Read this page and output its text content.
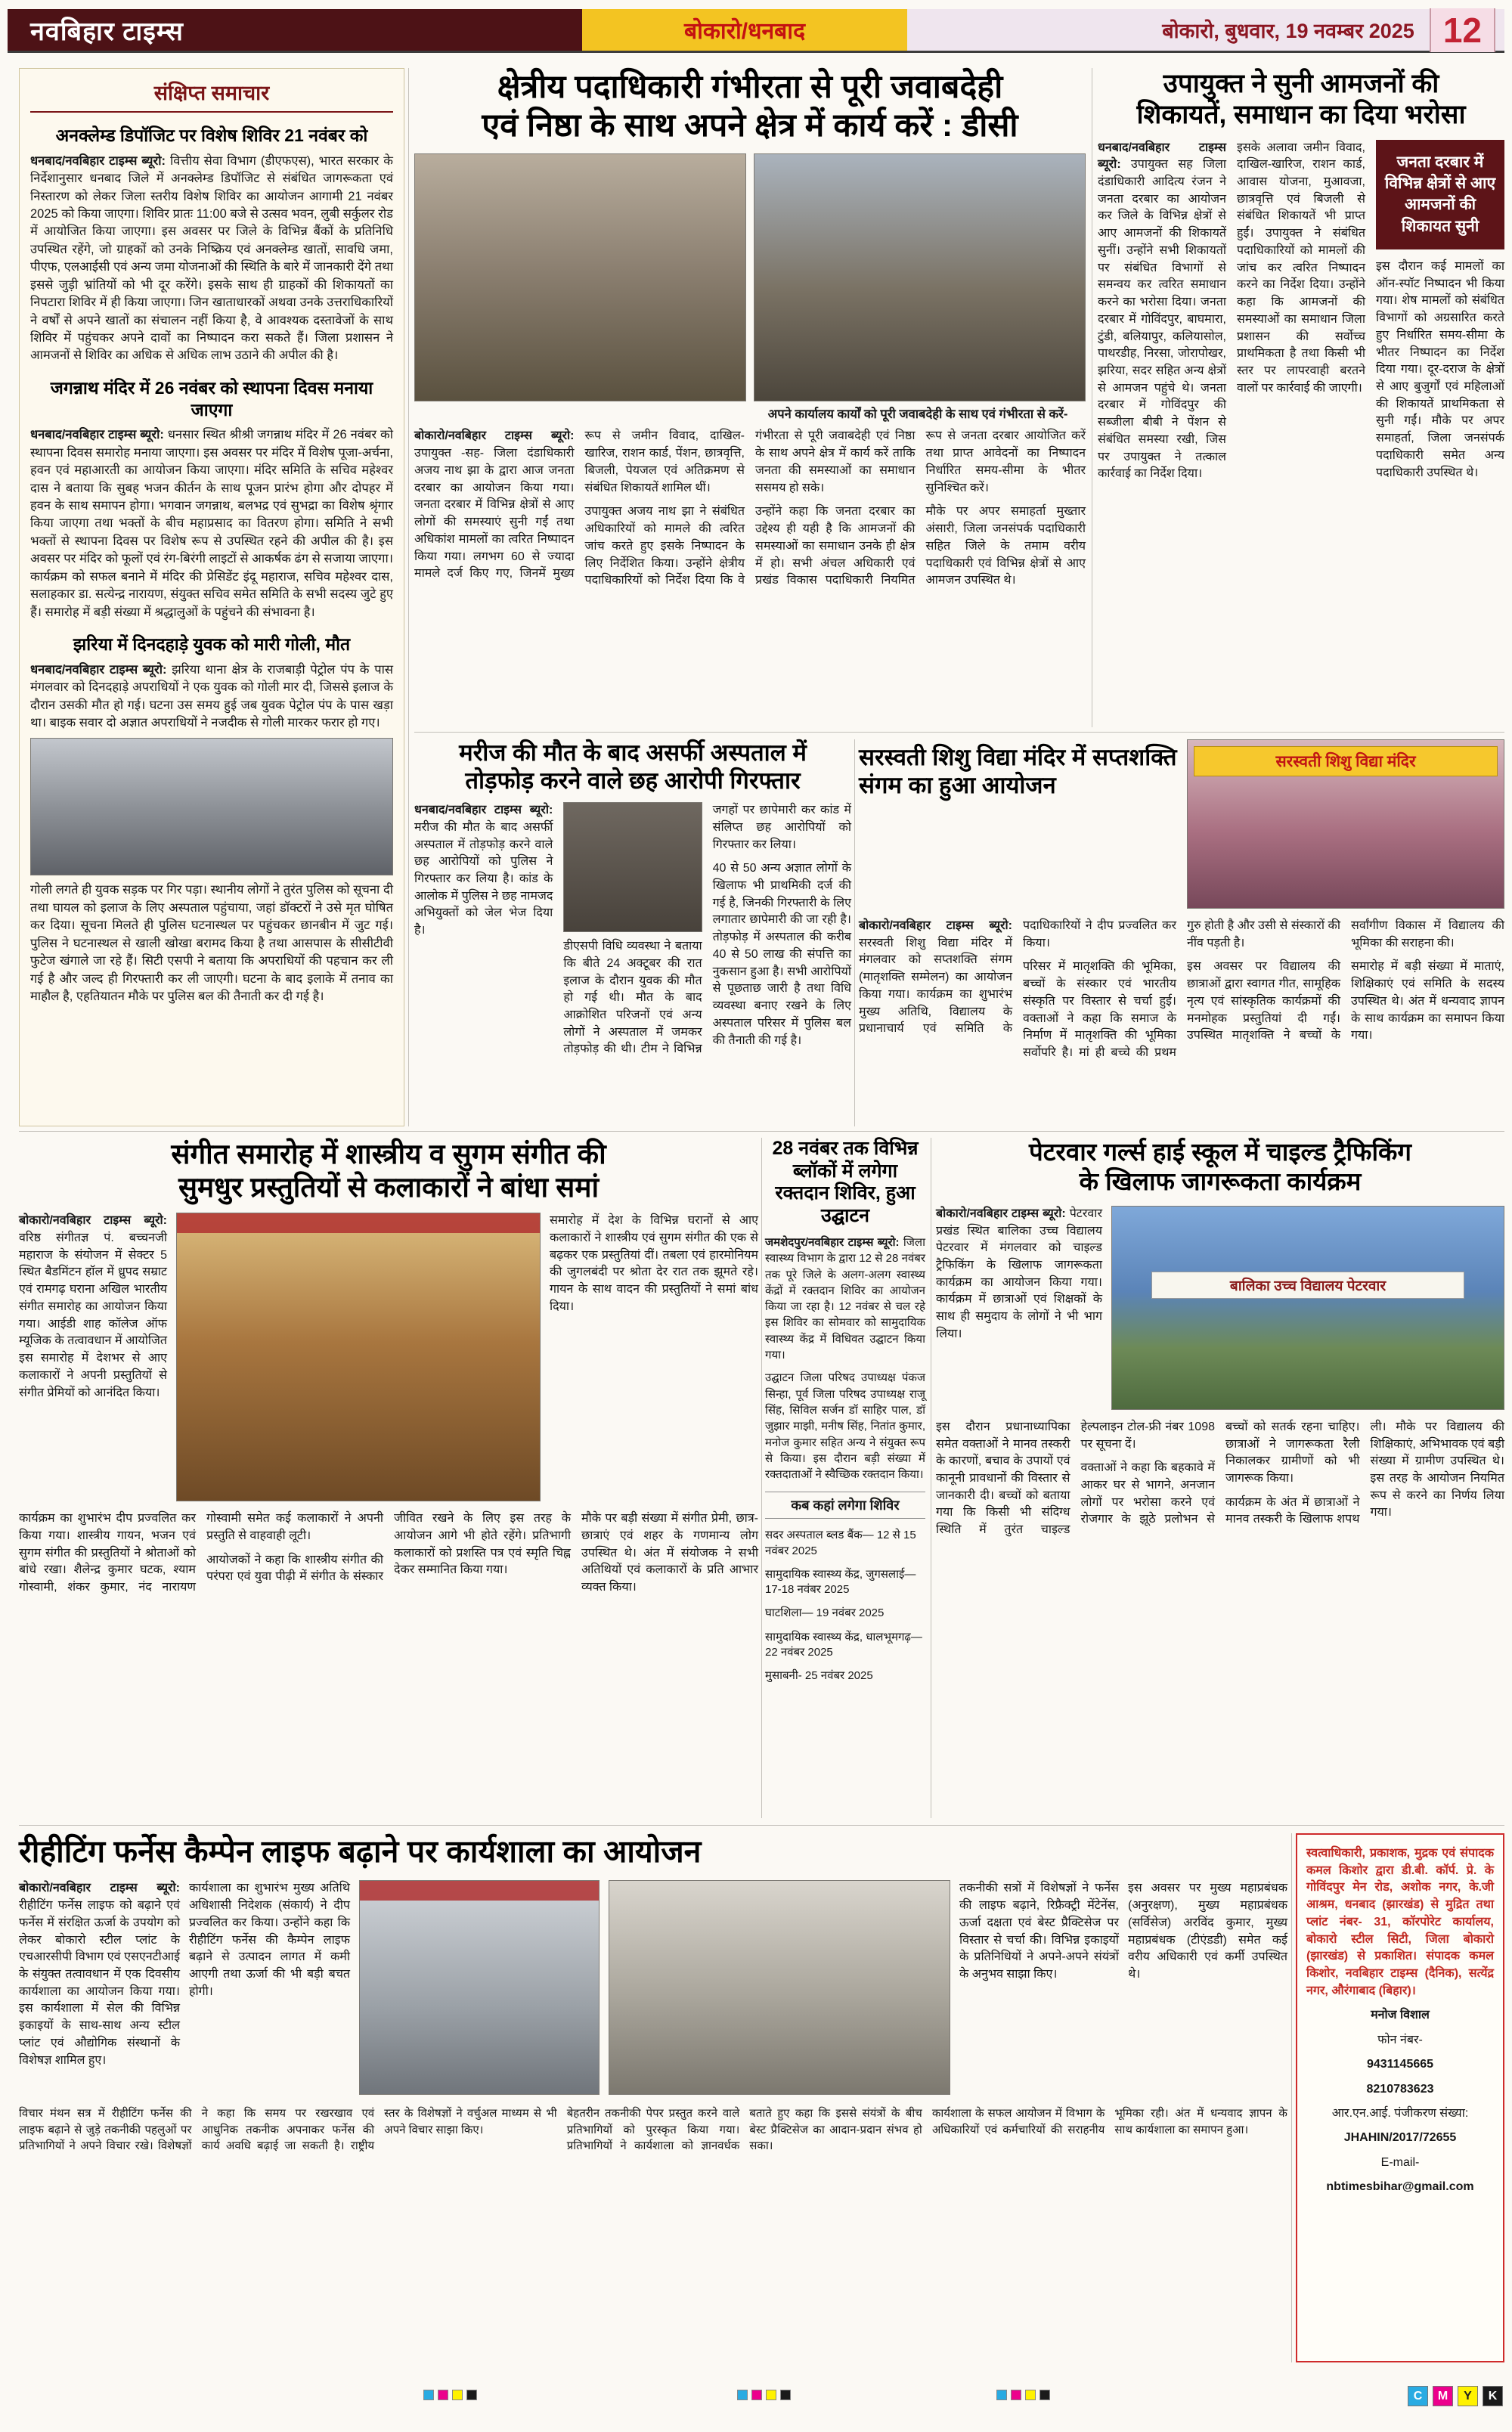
नवबिहार टाइम्स	बोकारो/धनबाद	बोकारो, बुधवार, 19 नवम्बर 2025 12
संक्षिप्त समाचार
अनक्लेम्ड डिपॉजिट पर विशेष शिविर 21 नवंबर को

धनबाद/नवबिहार टाइम्स ब्यूरो: वित्तीय सेवा विभाग (डीएफएस), भारत सरकार के निर्देशानुसार धनबाद जिले में अनक्लेम्ड डिपॉजिट से संबंधित जागरूकता एवं निस्तारण को लेकर जिला स्तरीय विशेष शिविर का आयोजन आगामी 21 नवंबर 2025 को किया जाएगा। शिविर प्रातः 11:00 बजे से उत्सव भवन, लुबी सर्कुलर रोड में आयोजित किया जाएगा। इस अवसर पर जिले के विभिन्न बैंकों के प्रतिनिधि उपस्थित रहेंगे, जो ग्राहकों को उनके निष्क्रिय एवं अनक्लेम्ड खातों, सावधि जमा, पीएफ, एलआईसी एवं अन्य जमा योजनाओं की स्थिति के बारे में जानकारी देंगे तथा इससे जुड़ी भ्रांतियों को भी दूर करेंगे। इसके साथ ही ग्राहकों की शिकायतों का निपटारा शिविर में ही किया जाएगा। जिन खाताधारकों अथवा उनके उत्तराधिकारियों ने वर्षों से अपने खातों का संचालन नहीं किया है, वे आवश्यक दस्तावेजों के साथ शिविर में पहुंचकर अपने दावों का निष्पादन करा सकते हैं। जिला प्रशासन ने आमजनों से शिविर का अधिक से अधिक लाभ उठाने की अपील की है।

जगन्नाथ मंदिर में 26 नवंबर को स्थापना दिवस मनाया जाएगा

धनबाद/नवबिहार टाइम्स ब्यूरो: धनसार स्थित श्रीश्री जगन्नाथ मंदिर में 26 नवंबर को स्थापना दिवस समारोह मनाया जाएगा। इस अवसर पर मंदिर में विशेष पूजा-अर्चना, हवन एवं महाआरती का आयोजन किया जाएगा। मंदिर समिति के सचिव महेश्वर दास ने बताया कि सुबह भजन कीर्तन के साथ पूजन प्रारंभ होगा और दोपहर में हवन के साथ समापन होगा। भगवान जगन्नाथ, बलभद्र एवं सुभद्रा का विशेष श्रृंगार किया जाएगा तथा भक्तों के बीच महाप्रसाद का वितरण होगा। समिति ने सभी भक्तों से स्थापना दिवस पर विशेष रूप से उपस्थित रहने की अपील की है। इस अवसर पर मंदिर को फूलों एवं रंग-बिरंगी लाइटों से आकर्षक ढंग से सजाया जाएगा। कार्यक्रम को सफल बनाने में मंदिर की प्रेसिडेंट इंदू महाराज, सचिव महेश्वर दास, सलाहकार डा. सत्येन्द्र नारायण, संयुक्त सचिव समेत समिति के सभी सदस्य जुटे हुए हैं। समारोह में बड़ी संख्या में श्रद्धालुओं के पहुंचने की संभावना है।

झरिया में दिनदहाड़े युवक को मारी गोली, मौत

धनबाद/नवबिहार टाइम्स ब्यूरो: झरिया थाना क्षेत्र के राजबाड़ी पेट्रोल पंप के पास मंगलवार को दिनदहाड़े अपराधियों ने एक युवक को गोली मार दी, जिससे इलाज के दौरान उसकी मौत हो गई। घटना उस समय हुई जब युवक पेट्रोल पंप के पास खड़ा था। बाइक सवार दो अज्ञात अपराधियों ने नजदीक से गोली मारकर फरार हो गए।

गोली लगते ही युवक सड़क पर गिर पड़ा। स्थानीय लोगों ने तुरंत पुलिस को सूचना दी तथा घायल को इलाज के लिए अस्पताल पहुंचाया, जहां डॉक्टरों ने उसे मृत घोषित कर दिया। सूचना मिलते ही पुलिस घटनास्थल पर पहुंचकर छानबीन में जुट गई। पुलिस ने घटनास्थल से खाली खोखा बरामद किया है तथा आसपास के सीसीटीवी फुटेज खंगाले जा रहे हैं। सिटी एसपी ने बताया कि अपराधियों की पहचान कर ली गई है और जल्द ही गिरफ्तारी कर ली जाएगी। घटना के बाद इलाके में तनाव का माहौल है, एहतियातन मौके पर पुलिस बल की तैनाती कर दी गई है।

क्षेत्रीय पदाधिकारी गंभीरता से पूरी जवाबदेही
एवं निष्ठा के साथ अपने क्षेत्र में कार्य करें : डीसी
अपने कार्यालय कार्यों को पूरी जवाबदेही के साथ एवं गंभीरता से करें-

बोकारो/नवबिहार टाइम्स ब्यूरो: उपायुक्त -सह- जिला दंडाधिकारी अजय नाथ झा के द्वारा आज जनता दरबार का आयोजन किया गया। जनता दरबार में विभिन्न क्षेत्रों से आए लोगों की समस्याएं सुनी गईं तथा अधिकांश मामलों का त्वरित निष्पादन किया गया। लगभग 60 से ज्यादा मामले दर्ज किए गए, जिनमें मुख्य रूप से जमीन विवाद, दाखिल-खारिज, राशन कार्ड, पेंशन, छात्रवृत्ति, बिजली, पेयजल एवं अतिक्रमण से संबंधित शिकायतें शामिल थीं।

उपायुक्त अजय नाथ झा ने संबंधित अधिकारियों को मामले की त्वरित जांच करते हुए इसके निष्पादन के लिए निर्देशित किया। उन्होंने क्षेत्रीय पदाधिकारियों को निर्देश दिया कि वे गंभीरता से पूरी जवाबदेही एवं निष्ठा के साथ अपने क्षेत्र में कार्य करें ताकि जनता की समस्याओं का समाधान ससमय हो सके।

उन्होंने कहा कि जनता दरबार का उद्देश्य ही यही है कि आमजनों की समस्याओं का समाधान उनके ही क्षेत्र में हो। सभी अंचल अधिकारी एवं प्रखंड विकास पदाधिकारी नियमित रूप से जनता दरबार आयोजित करें तथा प्राप्त आवेदनों का निष्पादन निर्धारित समय-सीमा के भीतर सुनिश्चित करें।

मौके पर अपर समाहर्ता मुख्तार अंसारी, जिला जनसंपर्क पदाधिकारी सहित जिले के तमाम वरीय पदाधिकारी एवं विभिन्न क्षेत्रों से आए आमजन उपस्थित थे।

उपायुक्त ने सुनी आमजनों की
शिकायतें, समाधान का दिया भरोसा
धनबाद/नवबिहार टाइम्स ब्यूरो: उपायुक्त सह जिला दंडाधिकारी आदित्य रंजन ने जनता दरबार का आयोजन कर जिले के विभिन्न क्षेत्रों से आए आमजनों की शिकायतें सुनीं। उन्होंने सभी शिकायतों पर संबंधित विभागों से समन्वय कर त्वरित समाधान करने का भरोसा दिया। जनता दरबार में गोविंदपुर, बाघमारा, टुंडी, बलियापुर, कलियासोल, पाथरडीह, निरसा, जोरापोखर, झरिया, सदर सहित अन्य क्षेत्रों से आमजन पहुंचे थे। जनता दरबार में गोविंदपुर की सब्जीला बीबी ने पेंशन से संबंधित समस्या रखी, जिस पर उपायुक्त ने तत्काल कार्रवाई का निर्देश दिया।
इसके अलावा जमीन विवाद, दाखिल-खारिज, राशन कार्ड, आवास योजना, मुआवजा, छात्रवृत्ति एवं बिजली से संबंधित शिकायतें भी प्राप्त हुईं। उपायुक्त ने संबंधित पदाधिकारियों को मामलों की जांच कर त्वरित निष्पादन करने का निर्देश दिया। उन्होंने कहा कि आमजनों की समस्याओं का समाधान जिला प्रशासन की सर्वोच्च प्राथमिकता है तथा किसी भी स्तर पर लापरवाही बरतने वालों पर कार्रवाई की जाएगी।
जनता दरबार में विभिन्न क्षेत्रों से आए आमजनों की शिकायत सुनी
इस दौरान कई मामलों का ऑन-स्पॉट निष्पादन भी किया गया। शेष मामलों को संबंधित विभागों को अग्रसारित करते हुए निर्धारित समय-सीमा के भीतर निष्पादन का निर्देश दिया गया। दूर-दराज के क्षेत्रों से आए बुजुर्गों एवं महिलाओं की शिकायतें प्राथमिकता से सुनी गईं। मौके पर अपर समाहर्ता, जिला जनसंपर्क पदाधिकारी समेत अन्य पदाधिकारी उपस्थित थे।
मरीज की मौत के बाद असर्फी अस्पताल में
तोड़फोड़ करने वाले छह आरोपी गिरफ्तार

धनबाद/नवबिहार टाइम्स ब्यूरो: मरीज की मौत के बाद असर्फी अस्पताल में तोड़फोड़ करने वाले छह आरोपियों को पुलिस ने गिरफ्तार कर लिया है। कांड के आलोक में पुलिस ने छह नामजद अभियुक्तों को जेल भेज दिया है।

डीएसपी विधि व्यवस्था ने बताया कि बीते 24 अक्टूबर की रात इलाज के दौरान युवक की मौत हो गई थी। मौत के बाद आक्रोशित परिजनों एवं अन्य लोगों ने अस्पताल में जमकर तोड़फोड़ की थी। टीम ने विभिन्न जगहों पर छापेमारी कर कांड में संलिप्त छह आरोपियों को गिरफ्तार कर लिया।

40 से 50 अन्य अज्ञात लोगों के खिलाफ भी प्राथमिकी दर्ज की गई है, जिनकी गिरफ्तारी के लिए लगातार छापेमारी की जा रही है। तोड़फोड़ में अस्पताल की करीब 40 से 50 लाख की संपत्ति का नुकसान हुआ है। सभी आरोपियों से पूछताछ जारी है तथा विधि व्यवस्था बनाए रखने के लिए अस्पताल परिसर में पुलिस बल की तैनाती की गई है।

सरस्वती शिशु विद्या मंदिर में सप्तशक्ति
संगम का हुआ आयोजन
सरस्वती शिशु विद्या मंदिर

बोकारो/नवबिहार टाइम्स ब्यूरो: सरस्वती शिशु विद्या मंदिर में मंगलवार को सप्तशक्ति संगम (मातृशक्ति सम्मेलन) का आयोजन किया गया। कार्यक्रम का शुभारंभ मुख्य अतिथि, विद्यालय के प्रधानाचार्य एवं समिति के पदाधिकारियों ने दीप प्रज्वलित कर किया।

परिसर में मातृशक्ति की भूमिका, बच्चों के संस्कार एवं भारतीय संस्कृति पर विस्तार से चर्चा हुई। वक्ताओं ने कहा कि समाज के निर्माण में मातृशक्ति की भूमिका सर्वोपरि है। मां ही बच्चे की प्रथम गुरु होती है और उसी से संस्कारों की नींव पड़ती है।

इस अवसर पर विद्यालय की छात्राओं द्वारा स्वागत गीत, सामूहिक नृत्य एवं सांस्कृतिक कार्यक्रमों की मनमोहक प्रस्तुतियां दी गईं। उपस्थित मातृशक्ति ने बच्चों के सर्वांगीण विकास में विद्यालय की भूमिका की सराहना की।

समारोह में बड़ी संख्या में माताएं, शिक्षिकाएं एवं समिति के सदस्य उपस्थित थे। अंत में धन्यवाद ज्ञापन के साथ कार्यक्रम का समापन किया गया।

संगीत समारोह में शास्त्रीय व सुगम संगीत की
सुमधुर प्रस्तुतियों से कलाकारों ने बांधा समां
बोकारो/नवबिहार टाइम्स ब्यूरो: वरिष्ठ संगीतज्ञ पं. बच्चनजी महाराज के संयोजन में सेक्टर 5 स्थित बैडमिंटन हॉल में ध्रुपद सम्राट एवं रामगढ़ घराना अखिल भारतीय संगीत समारोह का आयोजन किया गया। आईडी शाह कॉलेज ऑफ म्यूजिक के तत्वावधान में आयोजित इस समारोह में देशभर से आए कलाकारों ने अपनी प्रस्तुतियों से संगीत प्रेमियों को आनंदित किया।
समारोह में देश के विभिन्न घरानों से आए कलाकारों ने शास्त्रीय एवं सुगम संगीत की एक से बढ़कर एक प्रस्तुतियां दीं। तबला एवं हारमोनियम की जुगलबंदी पर श्रोता देर रात तक झूमते रहे। गायन के साथ वादन की प्रस्तुतियों ने समां बांध दिया।

कार्यक्रम का शुभारंभ दीप प्रज्वलित कर किया गया। शास्त्रीय गायन, भजन एवं सुगम संगीत की प्रस्तुतियों ने श्रोताओं को बांधे रखा। शैलेन्द्र कुमार घटक, श्याम गोस्वामी, शंकर कुमार, नंद नारायण गोस्वामी समेत कई कलाकारों ने अपनी प्रस्तुति से वाहवाही लूटी।

आयोजकों ने कहा कि शास्त्रीय संगीत की परंपरा एवं युवा पीढ़ी में संगीत के संस्कार जीवित रखने के लिए इस तरह के आयोजन आगे भी होते रहेंगे। प्रतिभागी कलाकारों को प्रशस्ति पत्र एवं स्मृति चिह्न देकर सम्मानित किया गया।

मौके पर बड़ी संख्या में संगीत प्रेमी, छात्र-छात्राएं एवं शहर के गणमान्य लोग उपस्थित थे। अंत में संयोजक ने सभी अतिथियों एवं कलाकारों के प्रति आभार व्यक्त किया।

28 नवंबर तक विभिन्न ब्लॉकों में लगेगा रक्तदान शिविर, हुआ उद्घाटन

जमशेदपुर/नवबिहार टाइम्स ब्यूरो: जिला स्वास्थ्य विभाग के द्वारा 12 से 28 नवंबर तक पूरे जिले के अलग-अलग स्वास्थ्य केंद्रों में रक्तदान शिविर का आयोजन किया जा रहा है। 12 नवंबर से चल रहे इस शिविर का सोमवार को सामुदायिक स्वास्थ्य केंद्र में विधिवत उद्घाटन किया गया।

उद्घाटन जिला परिषद उपाध्यक्ष पंकज सिन्हा, पूर्व जिला परिषद उपाध्यक्ष राजू सिंह, सिविल सर्जन डॉ साहिर पाल, डॉ जुझार माझी, मनीष सिंह, नितांत कुमार, मनोज कुमार सहित अन्य ने संयुक्त रूप से किया। इस दौरान बड़ी संख्या में रक्तदाताओं ने स्वैच्छिक रक्तदान किया।

कब कहां लगेगा शिविर

सदर अस्पताल ब्लड बैंक— 12 से 15 नवंबर 2025

सामुदायिक स्वास्थ्य केंद्र, जुगसलाई— 17-18 नवंबर 2025

घाटशिला— 19 नवंबर 2025

सामुदायिक स्वास्थ्य केंद्र, धालभूमगढ़— 22 नवंबर 2025

मुसाबनी- 25 नवंबर 2025

पेटरवार गर्ल्स हाई स्कूल में चाइल्ड ट्रैफिकिंग
के खिलाफ जागरूकता कार्यक्रम
बोकारो/नवबिहार टाइम्स ब्यूरो: पेटरवार प्रखंड स्थित बालिका उच्च विद्यालय पेटरवार में मंगलवार को चाइल्ड ट्रैफिकिंग के खिलाफ जागरूकता कार्यक्रम का आयोजन किया गया। कार्यक्रम में छात्राओं एवं शिक्षकों के साथ ही समुदाय के लोगों ने भी भाग लिया।
बालिका उच्च विद्यालय पेटरवार

इस दौरान प्रधानाध्यापिका समेत वक्ताओं ने मानव तस्करी के कारणों, बचाव के उपायों एवं कानूनी प्रावधानों की विस्तार से जानकारी दी। बच्चों को बताया गया कि किसी भी संदिग्ध स्थिति में तुरंत चाइल्ड हेल्पलाइन टोल-फ्री नंबर 1098 पर सूचना दें।

वक्ताओं ने कहा कि बहकावे में आकर घर से भागने, अनजान लोगों पर भरोसा करने एवं रोजगार के झूठे प्रलोभन से बच्चों को सतर्क रहना चाहिए। छात्राओं ने जागरूकता रैली निकालकर ग्रामीणों को भी जागरूक किया।

कार्यक्रम के अंत में छात्राओं ने मानव तस्करी के खिलाफ शपथ ली। मौके पर विद्यालय की शिक्षिकाएं, अभिभावक एवं बड़ी संख्या में ग्रामीण उपस्थित थे। इस तरह के आयोजन नियमित रूप से करने का निर्णय लिया गया।

रीहीटिंग फर्नेस कैम्पेन लाइफ बढ़ाने पर कार्यशाला का आयोजन
बोकारो/नवबिहार टाइम्स ब्यूरो: रीहीटिंग फर्नेस लाइफ को बढ़ाने एवं फर्नेस में संरक्षित ऊर्जा के उपयोग को लेकर बोकारो स्टील प्लांट के एचआरसीपी विभाग एवं एसएनटीआई के संयुक्त तत्वावधान में एक दिवसीय कार्यशाला का आयोजन किया गया। इस कार्यशाला में सेल की विभिन्न इकाइयों के साथ-साथ अन्य स्टील प्लांट एवं औद्योगिक संस्थानों के विशेषज्ञ शामिल हुए।
कार्यशाला का शुभारंभ मुख्य अतिथि अधिशासी निदेशक (संकार्य) ने दीप प्रज्वलित कर किया। उन्होंने कहा कि रीहीटिंग फर्नेस की कैम्पेन लाइफ बढ़ाने से उत्पादन लागत में कमी आएगी तथा ऊर्जा की भी बड़ी बचत होगी।
तकनीकी सत्रों में विशेषज्ञों ने फर्नेस की लाइफ बढ़ाने, रिफ्रैक्ट्री मेंटेनेंस, ऊर्जा दक्षता एवं बेस्ट प्रैक्टिसेज पर विस्तार से चर्चा की। विभिन्न इकाइयों के प्रतिनिधियों ने अपने-अपने संयंत्रों के अनुभव साझा किए।
इस अवसर पर मुख्य महाप्रबंधक (अनुरक्षण), मुख्य महाप्रबंधक (सर्विसेज) अरविंद कुमार, मुख्य महाप्रबंधक (टीएंडडी) समेत कई वरीय अधिकारी एवं कर्मी उपस्थित थे।

विचार मंथन सत्र में रीहीटिंग फर्नेस की लाइफ बढ़ाने से जुड़े तकनीकी पहलुओं पर प्रतिभागियों ने अपने विचार रखे। विशेषज्ञों ने कहा कि समय पर रखरखाव एवं आधुनिक तकनीक अपनाकर फर्नेस की कार्य अवधि बढ़ाई जा सकती है। राष्ट्रीय स्तर के विशेषज्ञों ने वर्चुअल माध्यम से भी अपने विचार साझा किए।

बेहतरीन तकनीकी पेपर प्रस्तुत करने वाले प्रतिभागियों को पुरस्कृत किया गया। प्रतिभागियों ने कार्यशाला को ज्ञानवर्धक बताते हुए कहा कि इससे संयंत्रों के बीच बेस्ट प्रैक्टिसेज का आदान-प्रदान संभव हो सका।

कार्यशाला के सफल आयोजन में विभाग के अधिकारियों एवं कर्मचारियों की सराहनीय भूमिका रही। अंत में धन्यवाद ज्ञापन के साथ कार्यशाला का समापन हुआ।

स्वत्वाधिकारी, प्रकाशक, मुद्रक एवं संपादक कमल किशोर द्वारा डी.बी. कॉर्प. प्रे. के गोविंदपुर मेन रोड, अशोक नगर, के.जी आश्रम, धनबाद (झारखंड) से मुद्रित तथा प्लांट नंबर- 31, कॉरपोरेट कार्यालय, बोकारो स्टील सिटी, जिला बोकारो (झारखंड) से प्रकाशित। संपादक कमल किशोर, नवबिहार टाइम्स (दैनिक), सत्येंद्र नगर, औरंगाबाद (बिहार)।

मनोज विशाल

फोन नंबर-

9431145665

8210783623

आर.एन.आई. पंजीकरण संख्या:

JHAHIN/2017/72655

E-mail-

nbtimesbihar@gmail.com

C	M	Y	K
